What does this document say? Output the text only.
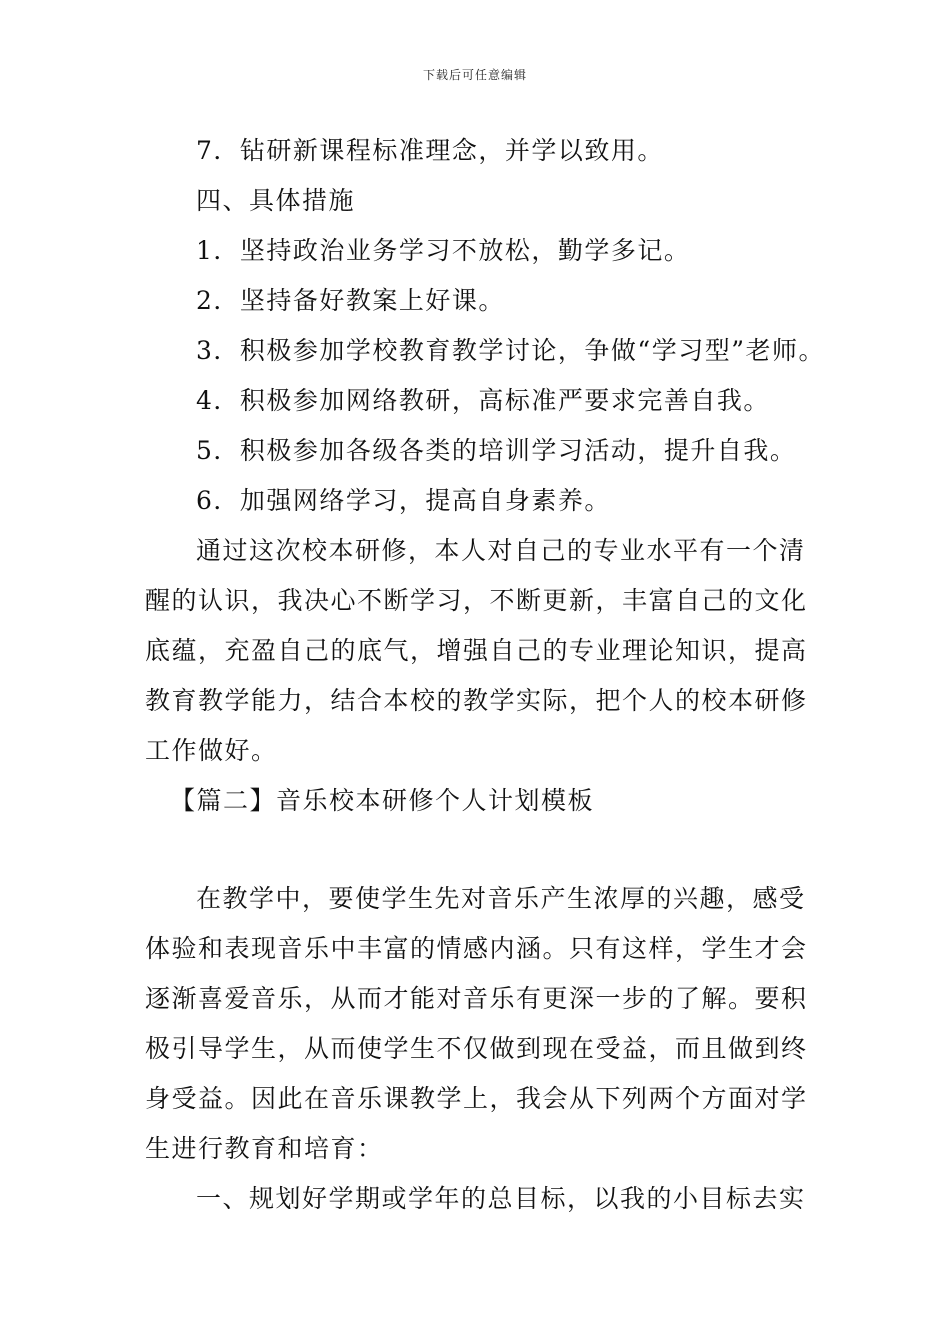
下载后可任意编辑
7．钻研新课程标准理念，并学以致用。
四、具体措施
1．坚持政治业务学习不放松，勤学多记。
2．坚持备好教案上好课。
3．积极参加学校教育教学讨论，争做“学习型”老师。
4．积极参加网络教研，高标准严要求完善自我。
5．积极参加各级各类的培训学习活动，提升自我。
6．加强网络学习，提高自身素养。
通过这次校本研修，本人对自己的专业水平有一个清
醒的认识，我决心不断学习，不断更新，丰富自己的文化
底蕴，充盈自己的底气，增强自己的专业理论知识，提高
教育教学能力，结合本校的教学实际，把个人的校本研修
工作做好。
【篇二】音乐校本研修个人计划模板
在教学中，要使学生先对音乐产生浓厚的兴趣，感受
体验和表现音乐中丰富的情感内涵。只有这样，学生才会
逐渐喜爱音乐，从而才能对音乐有更深一步的了解。要积
极引导学生，从而使学生不仅做到现在受益，而且做到终
身受益。因此在音乐课教学上，我会从下列两个方面对学
生进行教育和培育：
一、规划好学期或学年的总目标，以我的小目标去实
